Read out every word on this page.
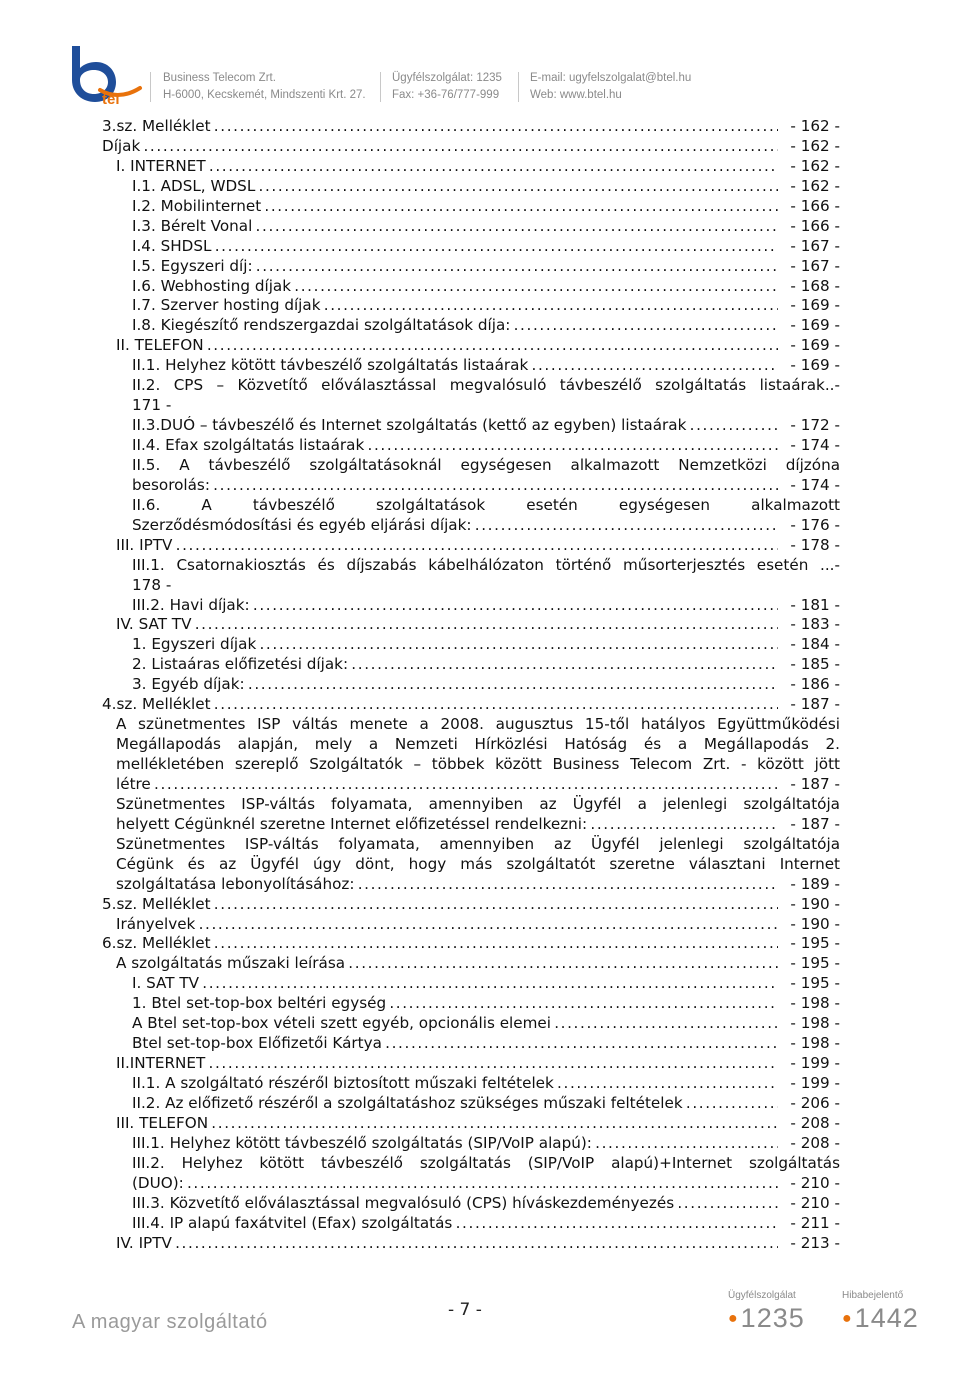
tel
Business Telecom Zrt.
H-6000, Kecskemét, Mindszenti Krt. 27.
Ügyfélszolgálat: 1235
Fax: +36-76/777-999
E-mail: ugyfelszolgalat@btel.hu
Web: www.btel.hu
3.sz. Melléklet . . .	- 162 -
Díjak . . .	- 162 -
I. INTERNET . . .	- 162 -
I.1. ADSL, WDSL . . .	- 162 -
I.2. Mobilinternet . . .	- 166 -
I.3. Bérelt Vonal . . .	- 166 -
I.4. SHDSL . . .	- 167 -
I.5. Egyszeri díj: . . .	- 167 -
I.6. Webhosting díjak . . .	- 168 -
I.7. Szerver hosting díjak . . .	- 169 -
I.8. Kiegészítő rendszergazdai szolgáltatások díja: . . .	- 169 -
II. TELEFON . . .	- 169 -
II.1. Helyhez kötött távbeszélő szolgáltatás listaárak . . .	- 169 -
II.2. CPS – Közvetítő előválasztással megvalósuló távbeszélő szolgáltatás listaárak..-
171 -
II.3.DUÓ – távbeszélő és Internet szolgáltatás (kettő az egyben) listaárak . . .	- 172 -
II.4. Efax szolgáltatás listaárak . . .	- 174 -
II.5. A távbeszélő szolgáltatásoknál egységesen alkalmazott Nemzetközi díjzóna
besorolás: . . .	- 174 -
II.6. A távbeszélő szolgáltatások esetén egységesen alkalmazott
Szerződésmódosítási és egyéb eljárási díjak: . . .	- 176 -
III. IPTV . . .	- 178 -
III.1. Csatornakiosztás és díjszabás kábelhálózaton történő műsorterjesztés esetén ...-
178 -
III.2. Havi díjak: . . .	- 181 -
IV. SAT TV . . .	- 183 -
1. Egyszeri díjak . . .	- 184 -
2. Listaáras előfizetési díjak: . . .	- 185 -
3. Egyéb díjak: . . .	- 186 -
4.sz. Melléklet . . .	- 187 -
A szünetmentes ISP váltás menete a 2008. augusztus 15-től hatályos Együttműködési
Megállapodás alapján, mely a Nemzeti Hírközlési Hatóság és a Megállapodás 2.
mellékletében szereplő Szolgáltatók – többek között Business Telecom Zrt. - között jött
létre . . .	- 187 -
Szünetmentes ISP-váltás folyamata, amennyiben az Ügyfél a jelenlegi szolgáltatója
helyett Cégünknél szeretne Internet előfizetéssel rendelkezni: . . .	- 187 -
Szünetmentes ISP-váltás folyamata, amennyiben az Ügyfél jelenlegi szolgáltatója
Cégünk és az Ügyfél úgy dönt, hogy más szolgáltatót szeretne választani Internet
szolgáltatása lebonyolításához: . . .	- 189 -
5.sz. Melléklet . . .	- 190 -
Irányelvek . . .	- 190 -
6.sz. Melléklet . . .	- 195 -
A szolgáltatás műszaki leírása . . .	- 195 -
I. SAT TV . . .	- 195 -
1. Btel set-top-box beltéri egység . . .	- 198 -
A Btel set-top-box vételi szett egyéb, opcionális elemei . . .	- 198 -
Btel set-top-box Előfizetői Kártya . . .	- 198 -
II.INTERNET . . .	- 199 -
II.1. A szolgáltató részéről biztosított műszaki feltételek . . .	- 199 -
II.2. Az előfizető részéről a szolgáltatáshoz szükséges műszaki feltételek . . .	- 206 -
III. TELEFON . . .	- 208 -
III.1. Helyhez kötött távbeszélő szolgáltatás (SIP/VoIP alapú): . . .	- 208 -
III.2. Helyhez kötött távbeszélő szolgáltatás (SIP/VoIP alapú)+Internet szolgáltatás
(DUO): . . .	- 210 -
III.3. Közvetítő előválasztással megvalósuló (CPS) híváskezdeményezés . . .	- 210 -
III.4. IP alapú faxátvitel (Efax) szolgáltatás . . .	- 211 -
IV. IPTV . . .	- 213 -
A magyar szolgáltató
- 7 -
Ügyfélszolgálat
●1235
Hibabejelentő
●1442
